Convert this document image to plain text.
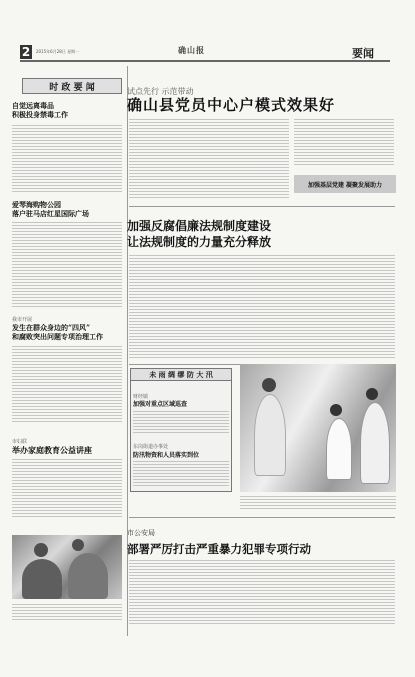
2 2015年6月28日 星期一	确山报	要闻
时 政 要 闻
自觉远离毒品
积极投身禁毒工作
爱琴海购物公园
落户驻马店红星国际广场
我市开展
发生在群众身边的“四风”
和腐败突出问题专项治理工作
市妇联
举办家庭教育公益讲座
试点先行 示范带动
确山县党员中心户模式效果好
加强基层党建 凝聚发展助力
加强反腐倡廉法规制度建设
让法规制度的力量充分释放
未 雨 绸 缪 防 大 汛
财经镇
加强对重点区域巡查
东岗街道办事处
防汛物资和人员落实到位
市公安局
部署严厉打击严重暴力犯罪专项行动
